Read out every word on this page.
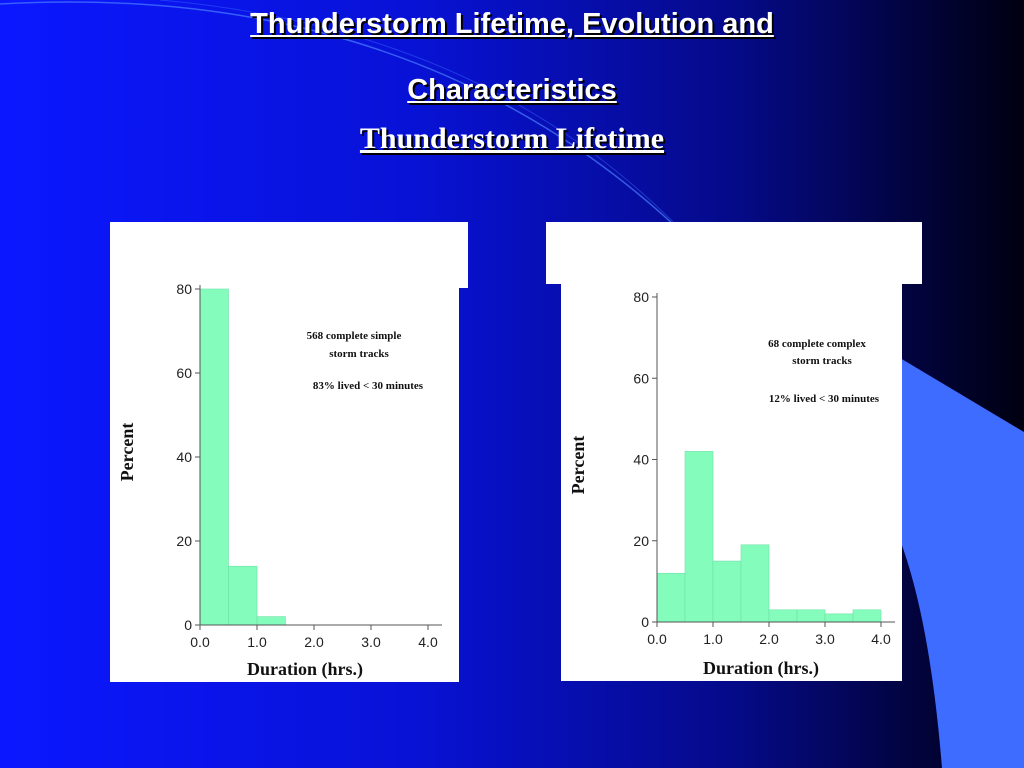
Thunderstorm Lifetime, Evolution and
Characteristics
Thunderstorm Lifetime
0
20
40
60
80
0.0	1.0	2.0	3.0	4.0
Duration (hrs.)
Percent
568 complete simple
storm tracks
83% lived < 30 minutes
0
20
40
60
80
0.0	1.0	2.0	3.0	4.0
Duration (hrs.)
Percent
68 complete complex
storm tracks
12% lived < 30 minutes
